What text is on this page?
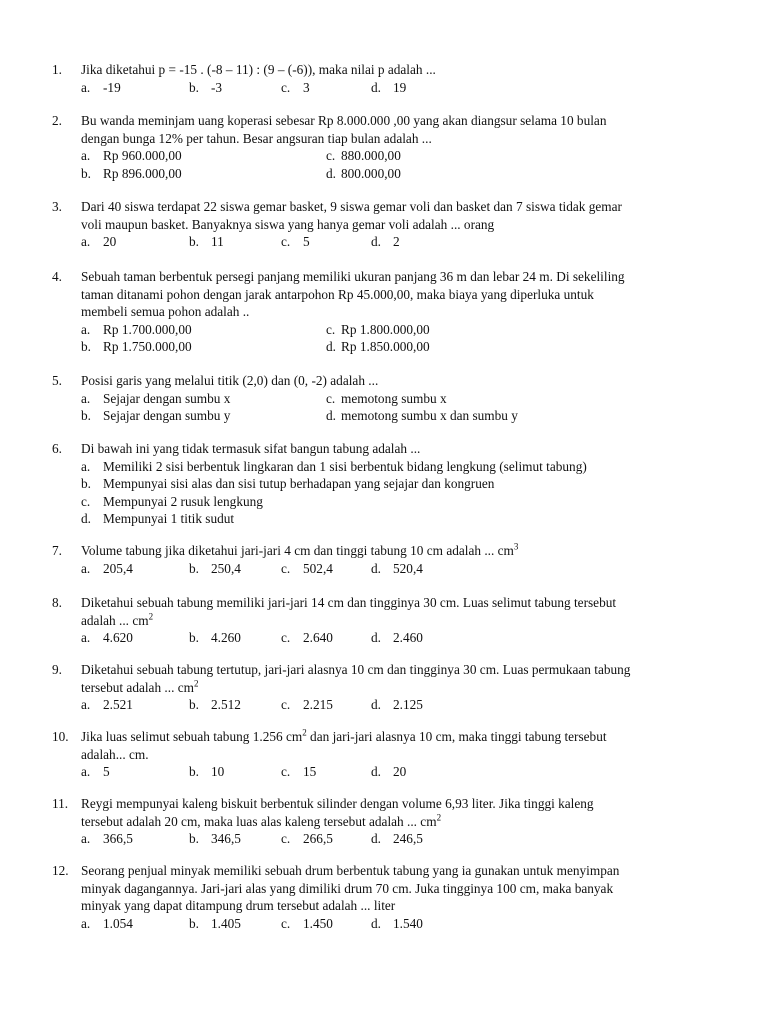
1. Jika diketahui p = -15 . (-8 – 11) : (9 – (-6)), maka nilai p adalah ...
a. -19	b. -3	c. 3	d. 19
2. Bu wanda meminjam uang koperasi sebesar Rp 8.000.000 ,00 yang akan diangsur selama 10 bulan
dengan bunga 12% per tahun. Besar angsuran tiap bulan adalah ...
a. Rp 960.000,00	c. 880.000,00
b. Rp 896.000,00	d. 800.000,00
3. Dari 40 siswa terdapat 22 siswa gemar basket, 9 siswa gemar voli dan basket dan 7 siswa tidak gemar
voli maupun basket. Banyaknya siswa yang hanya gemar voli adalah ... orang
a. 20	b. 11	c. 5	d. 2
4. Sebuah taman berbentuk persegi panjang memiliki ukuran panjang 36 m dan lebar 24 m. Di sekeliling
taman ditanami pohon dengan jarak antarpohon Rp 45.000,00, maka biaya yang diperluka untuk
membeli semua pohon adalah ..
a. Rp 1.700.000,00	c. Rp 1.800.000,00
b. Rp 1.750.000,00	d. Rp 1.850.000,00
5. Posisi garis yang melalui titik (2,0) dan (0, -2) adalah ...
a. Sejajar dengan sumbu x	c. memotong sumbu x
b. Sejajar dengan sumbu y	d. memotong sumbu x dan sumbu y
6. Di bawah ini yang tidak termasuk sifat bangun tabung adalah ...
a. Memiliki 2 sisi berbentuk lingkaran dan 1 sisi berbentuk bidang lengkung (selimut tabung)
b. Mempunyai sisi alas dan sisi tutup berhadapan yang sejajar dan kongruen
c. Mempunyai 2 rusuk lengkung
d. Mempunyai 1 titik sudut
7. Volume tabung jika diketahui jari-jari 4 cm dan tinggi tabung 10 cm adalah ... $cm^3$
a. 205,4	b. 250,4	c. 502,4	d. 520,4
8. Diketahui sebuah tabung memiliki jari-jari 14 cm dan tingginya 30 cm. Luas selimut tabung tersebut
adalah ... $cm^2$
a. 4.620	b. 4.260	c. 2.640	d. 2.460
9. Diketahui sebuah tabung tertutup, jari-jari alasnya 10 cm dan tingginya 30 cm. Luas permukaan tabung
tersebut adalah ... $cm^2$
a. 2.521	b. 2.512	c. 2.215	d. 2.125
10. Jika luas selimut sebuah tabung 1.256 $cm^2$ dan jari-jari alasnya 10 cm, maka tinggi tabung tersebut
adalah... cm.
a. 5	b. 10	c. 15	d. 20
11. Reygi mempunyai kaleng biskuit berbentuk silinder dengan volume 6,93 liter. Jika tinggi kaleng
tersebut adalah 20 cm, maka luas alas kaleng tersebut adalah ... $cm^2$
a. 366,5	b. 346,5	c. 266,5	d. 246,5
12. Seorang penjual minyak memiliki sebuah drum berbentuk tabung yang ia gunakan untuk menyimpan
minyak dagangannya. Jari-jari alas yang dimiliki drum 70 cm. Juka tingginya 100 cm, maka banyak
minyak yang dapat ditampung drum tersebut adalah ... liter
a. 1.054	b. 1.405	c. 1.450	d. 1.540
